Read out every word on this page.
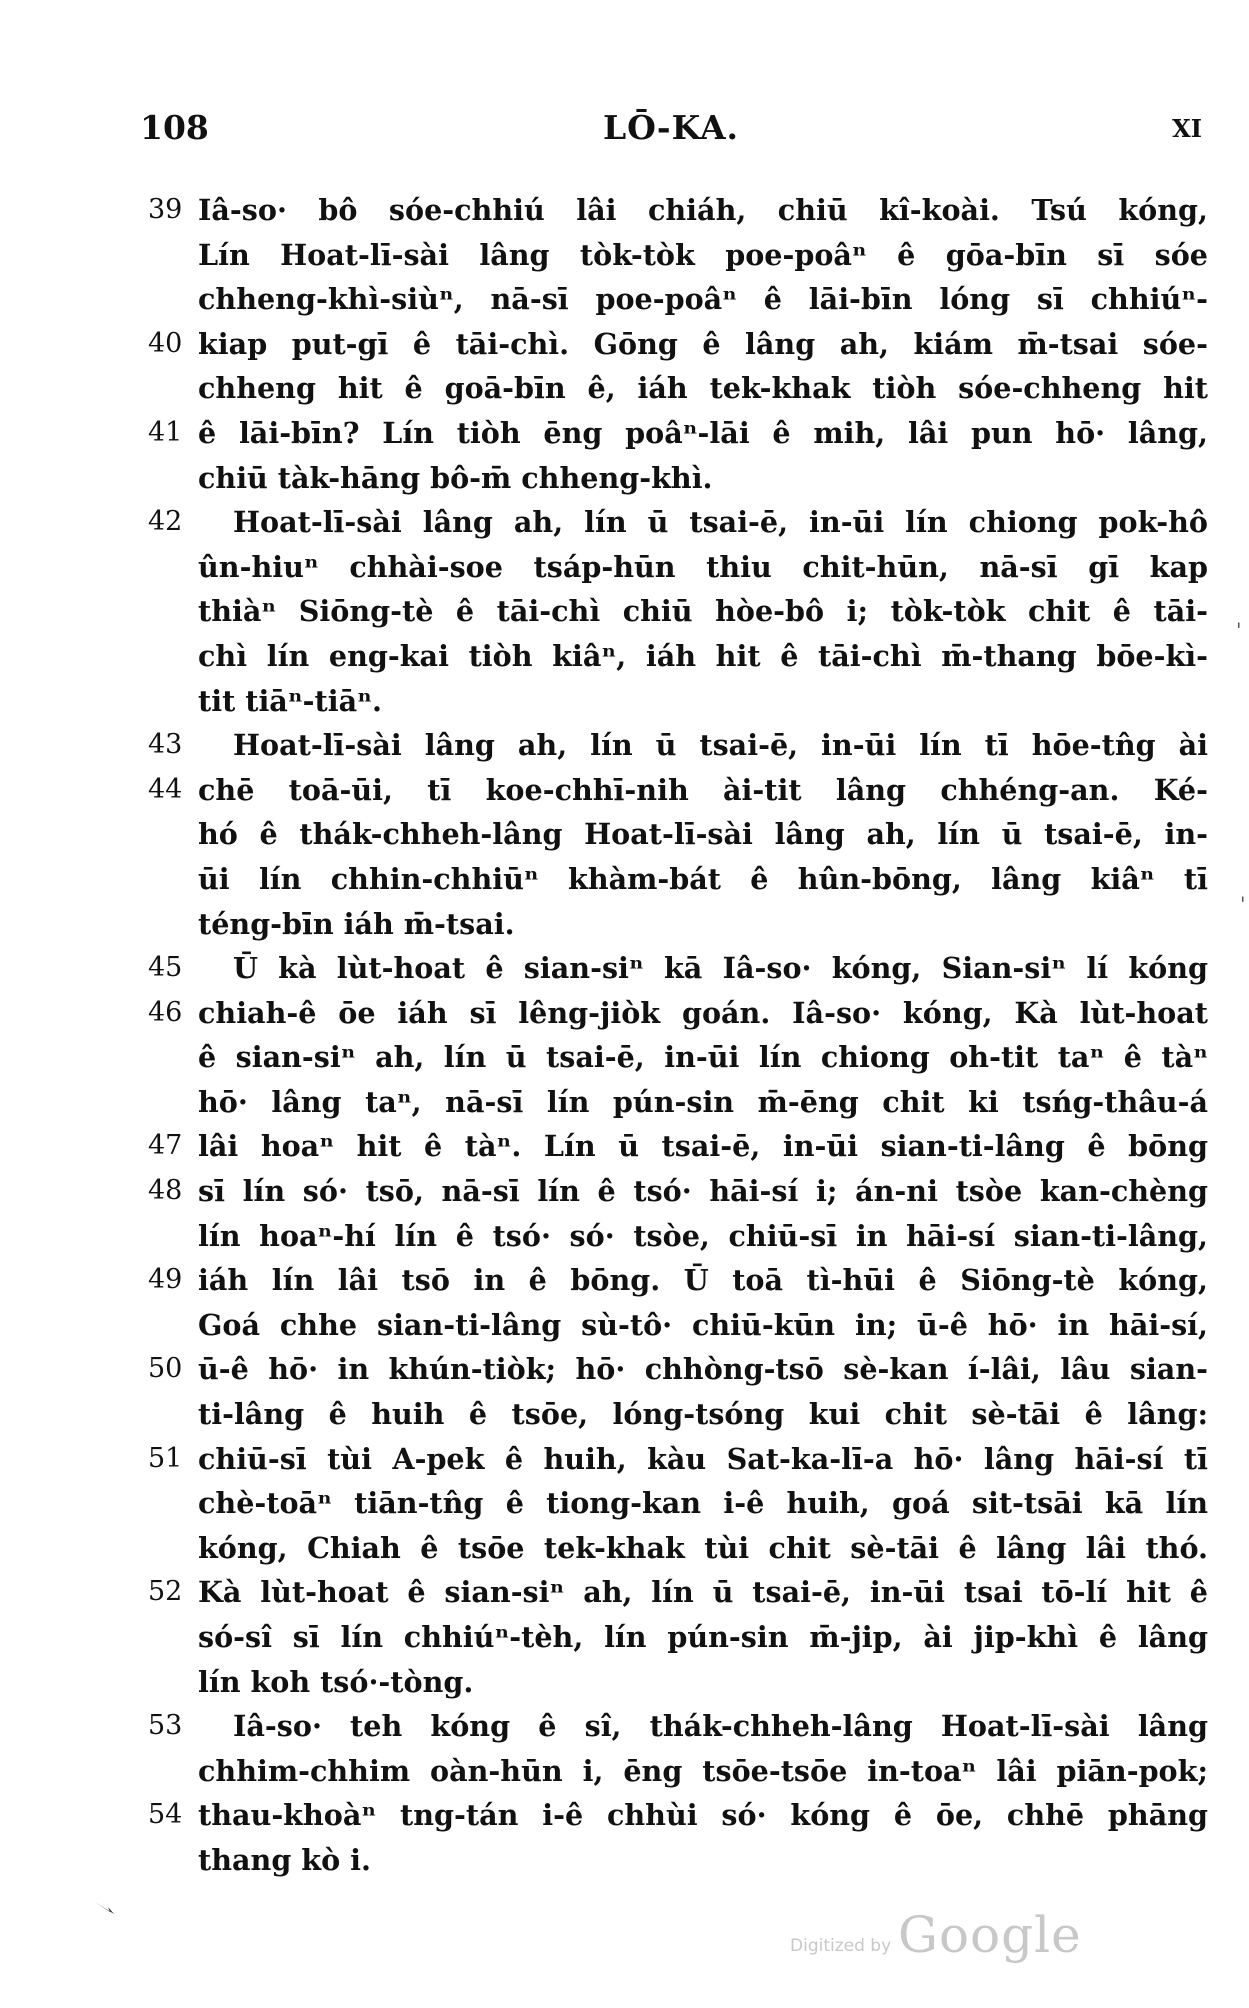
108	LŌ-KA.	XI
39 Iâ-so· bô sóe-chhiú lâi chiáh, chiū kî-koài. Tsú kóng,
Lín Hoat-lī-sài lâng tòk-tòk poe-poâⁿ ê gōa-bīn sī sóe
chheng-khì-siùⁿ, nā-sī poe-poâⁿ ê lāi-bīn lóng sī chhiúⁿ-
40 kiap put-gī ê tāi-chì. Gōng ê lâng ah, kiám m̄-tsai sóe-
chheng hit ê goā-bīn ê, iáh tek-khak tiòh sóe-chheng hit
41 ê lāi-bīn? Lín tiòh ēng poâⁿ-lāi ê mih, lâi pun hō· lâng,
chiū tàk-hāng bô-m̄ chheng-khì.
42	Hoat-lī-sài lâng ah, lín ū tsai-ē, in-ūi lín chiong pok-hô
ûn-hiuⁿ chhài-soe tsáp-hūn thiu chit-hūn, nā-sī gī kap
thiàⁿ Siōng-tè ê tāi-chì chiū hòe-bô i; tòk-tòk chit ê tāi-
chì lín eng-kai tiòh kiâⁿ, iáh hit ê tāi-chì m̄-thang bōe-kì-
tit tiāⁿ-tiāⁿ.
43	Hoat-lī-sài lâng ah, lín ū tsai-ē, in-ūi lín tī hōe-tn̂g ài
44 chē toā-ūi, tī koe-chhī-nih ài-tit lâng chhéng-an. Ké-
hó ê thák-chheh-lâng Hoat-lī-sài lâng ah, lín ū tsai-ē, in-
ūi lín chhin-chhiūⁿ khàm-bát ê hûn-bōng, lâng kiâⁿ tī
téng-bīn iáh m̄-tsai.
45	Ū kà lùt-hoat ê sian-siⁿ kā Iâ-so· kóng, Sian-siⁿ lí kóng
46 chiah-ê ōe iáh sī lêng-jiòk goán. Iâ-so· kóng, Kà lùt-hoat
ê sian-siⁿ ah, lín ū tsai-ē, in-ūi lín chiong oh-tit taⁿ ê tàⁿ
hō· lâng taⁿ, nā-sī lín pún-sin m̄-ēng chit ki tsńg-thâu-á
47 lâi hoaⁿ hit ê tàⁿ. Lín ū tsai-ē, in-ūi sian-ti-lâng ê bōng
48 sī lín só· tsō, nā-sī lín ê tsó· hāi-sí i; án-ni tsòe kan-chèng
lín hoaⁿ-hí lín ê tsó· só· tsòe, chiū-sī in hāi-sí sian-ti-lâng,
49 iáh lín lâi tsō in ê bōng. Ū toā tì-hūi ê Siōng-tè kóng,
Goá chhe sian-ti-lâng sù-tô· chiū-kūn in; ū-ê hō· in hāi-sí,
50 ū-ê hō· in khún-tiòk; hō· chhòng-tsō sè-kan í-lâi, lâu sian-
ti-lâng ê huih ê tsōe, lóng-tsóng kui chit sè-tāi ê lâng:
51 chiū-sī tùi A-pek ê huih, kàu Sat-ka-lī-a hō· lâng hāi-sí tī
chè-toāⁿ tiān-tn̂g ê tiong-kan i-ê huih, goá sit-tsāi kā lín
kóng, Chiah ê tsōe tek-khak tùi chit sè-tāi ê lâng lâi thó.
52 Kà lùt-hoat ê sian-siⁿ ah, lín ū tsai-ē, in-ūi tsai tō-lí hit ê
só-sî sī lín chhiúⁿ-tèh, lín pún-sin m̄-jip, ài jip-khì ê lâng
lín koh tsó·-tòng.
53	Iâ-so· teh kóng ê sî, thák-chheh-lâng Hoat-lī-sài lâng
chhim-chhim oàn-hūn i, ēng tsōe-tsōe in-toaⁿ lâi piān-pok;
54 thau-khoàⁿ tng-tán i-ê chhùi só· kóng ê ōe, chhē phāng
thang kò i.
ꞌ
ꞌ
Digitized by Google
